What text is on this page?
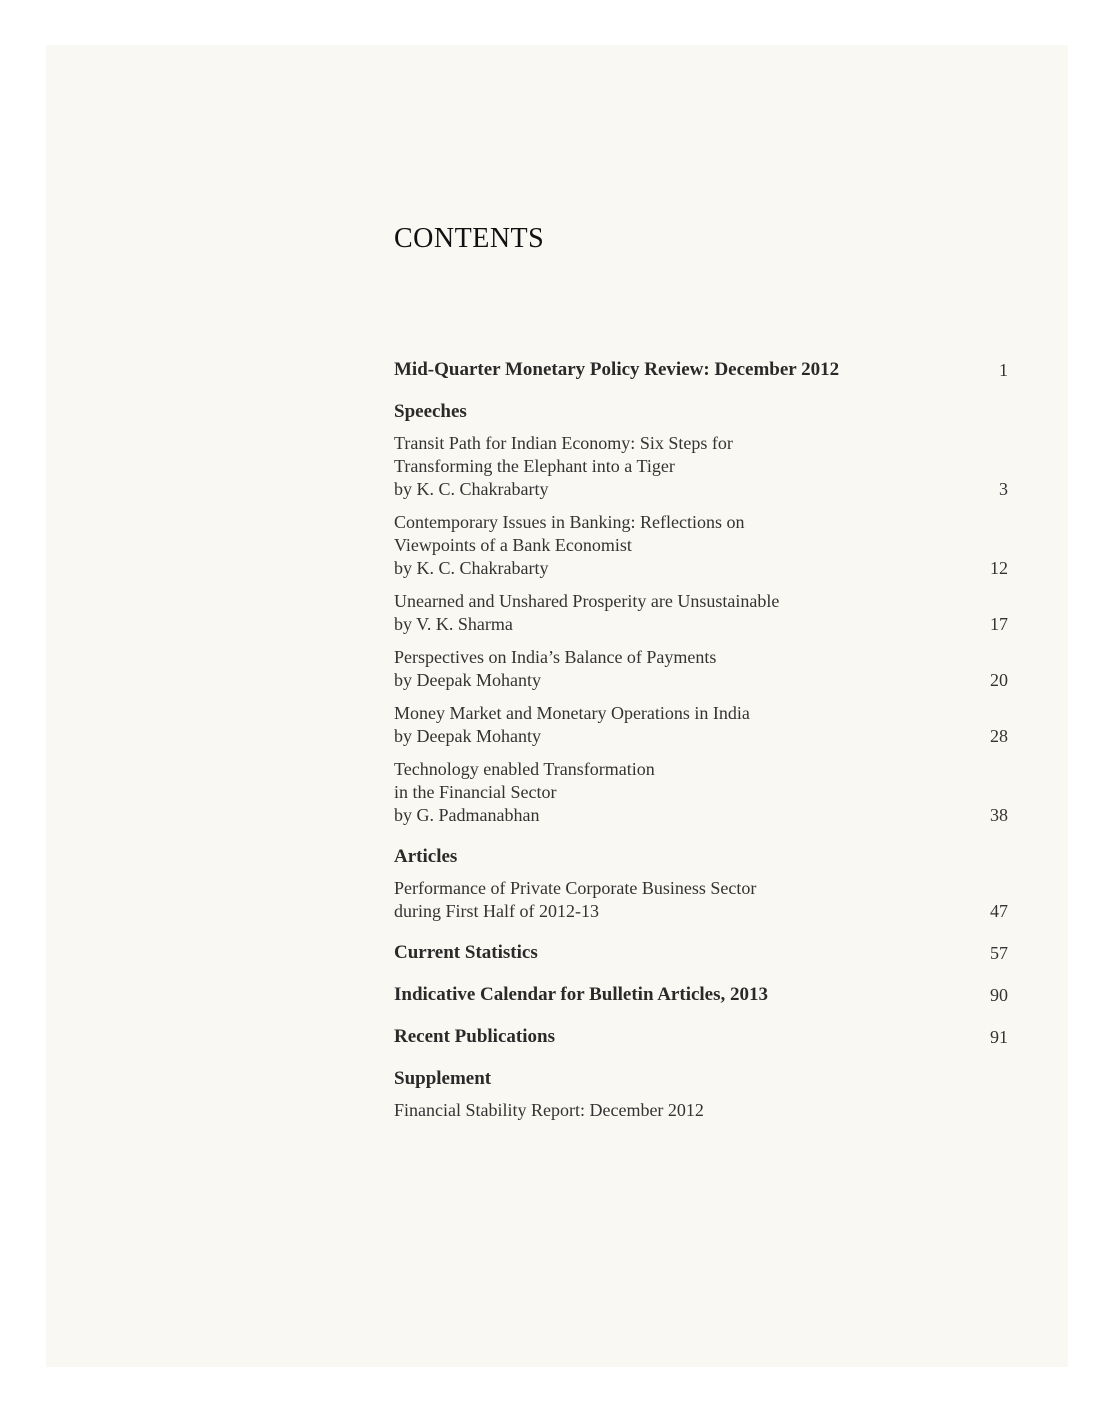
CONTENTS
Mid-Quarter Monetary Policy Review: December 2012	1
Speeches
Transit Path for Indian Economy: Six Steps for
Transforming the Elephant into a Tiger
by K. C. Chakrabarty	3
Contemporary Issues in Banking: Reflections on
Viewpoints of a Bank Economist
by K. C. Chakrabarty	12
Unearned and Unshared Prosperity are Unsustainable
by V. K. Sharma	17
Perspectives on India’s Balance of Payments
by Deepak Mohanty	20
Money Market and Monetary Operations in India
by Deepak Mohanty	28
Technology enabled Transformation
in the Financial Sector
by G. Padmanabhan	38
Articles
Performance of Private Corporate Business Sector
during First Half of 2012-13	47
Current Statistics	57
Indicative Calendar for Bulletin Articles, 2013	90
Recent Publications	91
Supplement
Financial Stability Report: December 2012
